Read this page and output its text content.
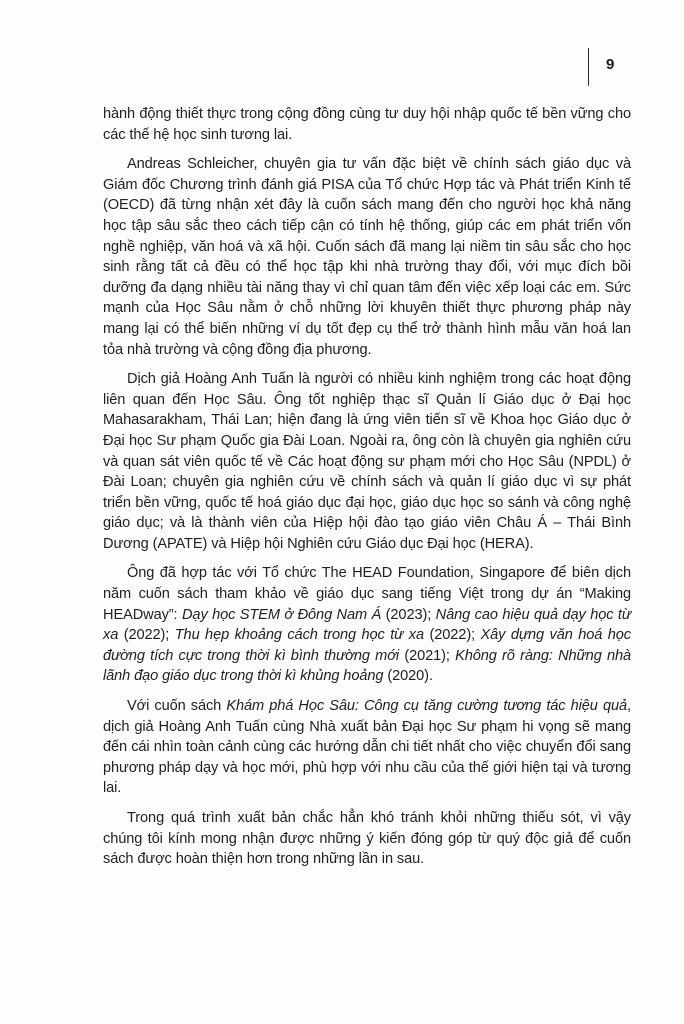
9

hành động thiết thực trong cộng đồng cùng tư duy hội nhập quốc tế bền vững cho các thế hệ học sinh tương lai.

Andreas Schleicher, chuyên gia tư vấn đặc biệt về chính sách giáo dục và Giám đốc Chương trình đánh giá PISA của Tổ chức Hợp tác và Phát triển Kinh tế (OECD) đã từng nhận xét đây là cuốn sách mang đến cho người học khả năng học tập sâu sắc theo cách tiếp cận có tính hệ thống, giúp các em phát triển vốn nghề nghiệp, văn hoá và xã hội. Cuốn sách đã mang lại niềm tin sâu sắc cho học sinh rằng tất cả đều có thể học tập khi nhà trường thay đổi, với mục đích bồi dưỡng đa dạng nhiều tài năng thay vì chỉ quan tâm đến việc xếp loại các em. Sức mạnh của Học Sâu nằm ở chỗ những lời khuyên thiết thực phương pháp này mang lại có thể biến những ví dụ tốt đẹp cụ thể trở thành hình mẫu văn hoá lan tỏa nhà trường và cộng đồng địa phương.

Dịch giả Hoàng Anh Tuấn là người có nhiều kinh nghiệm trong các hoạt động liên quan đến Học Sâu. Ông tốt nghiệp thạc sĩ Quản lí Giáo dục ở Đại học Mahasarakham, Thái Lan; hiện đang là ứng viên tiến sĩ về Khoa học Giáo dục ở Đại học Sư phạm Quốc gia Đài Loan. Ngoài ra, ông còn là chuyên gia nghiên cứu và quan sát viên quốc tế về Các hoạt động sư phạm mới cho Học Sâu (NPDL) ở Đài Loan; chuyên gia nghiên cứu về chính sách và quản lí giáo dục vì sự phát triển bền vững, quốc tế hoá giáo dục đại học, giáo dục học so sánh và công nghệ giáo dục; và là thành viên của Hiệp hội đào tạo giáo viên Châu Á – Thái Bình Dương (APATE) và Hiệp hội Nghiên cứu Giáo dục Đại học (HERA).

Ông đã hợp tác với Tổ chức The HEAD Foundation, Singapore để biên dịch năm cuốn sách tham khảo về giáo dục sang tiếng Việt trong dự án “Making HEADway”: Dạy học STEM ở Đông Nam Á (2023); Nâng cao hiệu quả dạy học từ xa (2022); Thu hẹp khoảng cách trong học từ xa (2022); Xây dựng văn hoá học đường tích cực trong thời kì bình thường mới (2021); Không rõ ràng: Những nhà lãnh đạo giáo dục trong thời kì khủng hoảng (2020).

Với cuốn sách Khám phá Học Sâu: Công cụ tăng cường tương tác hiệu quả, dịch giả Hoàng Anh Tuấn cùng Nhà xuất bản Đại học Sư phạm hi vọng sẽ mang đến cái nhìn toàn cảnh cùng các hướng dẫn chi tiết nhất cho việc chuyển đổi sang phương pháp dạy và học mới, phù hợp với nhu cầu của thế giới hiện tại và tương lai.

Trong quá trình xuất bản chắc hẳn khó tránh khỏi những thiếu sót, vì vậy chúng tôi kính mong nhận được những ý kiến đóng góp từ quý độc giả để cuốn sách được hoàn thiện hơn trong những lần in sau.
